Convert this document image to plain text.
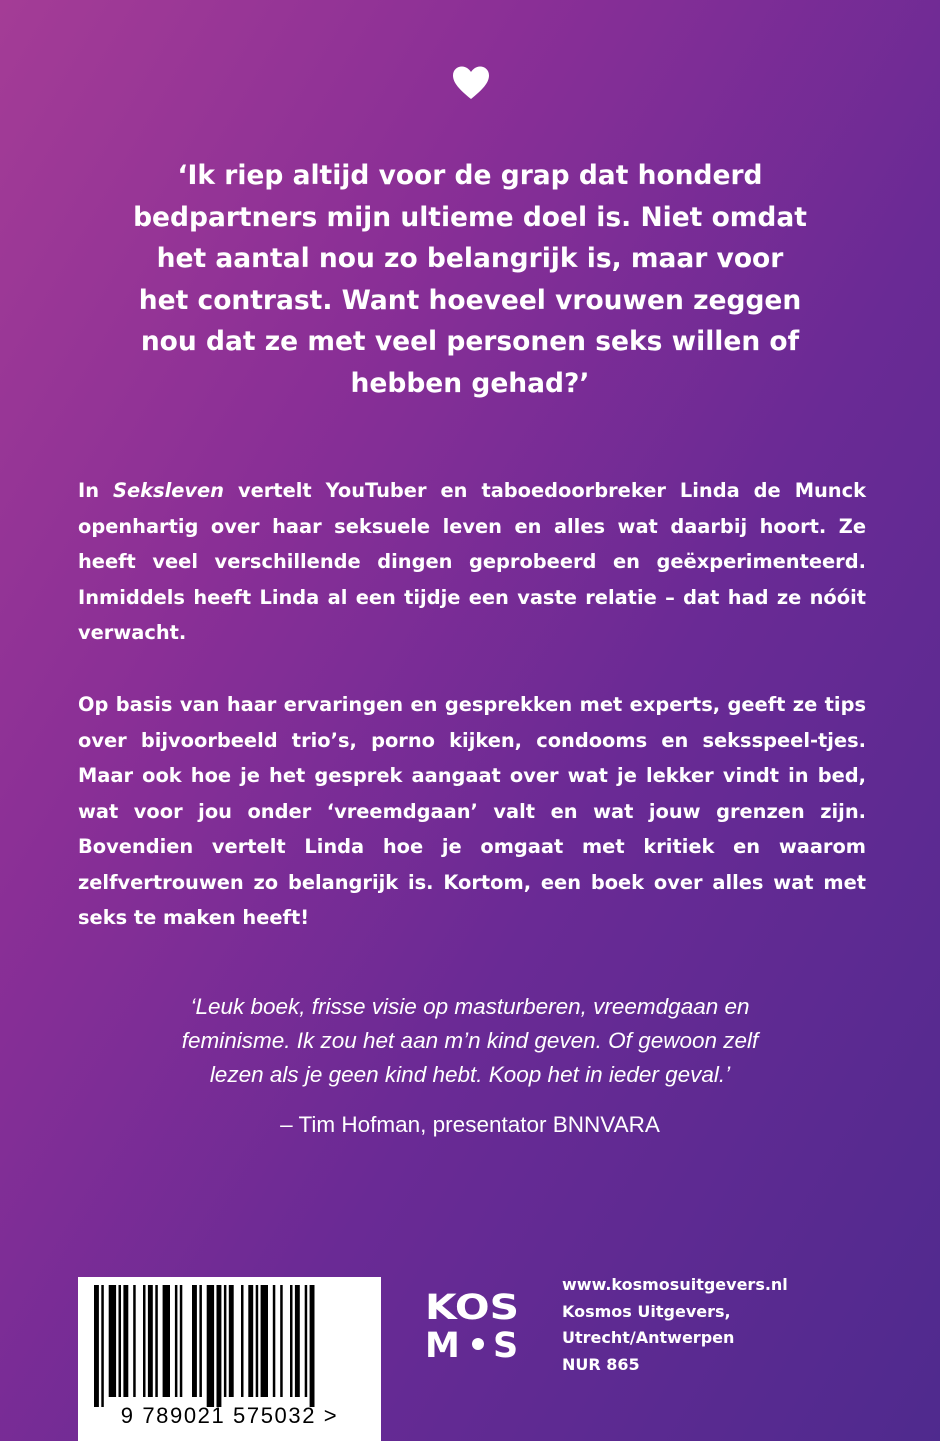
‘Ik riep altijd voor de grap dat honderd
bedpartners mijn ultieme doel is. Niet omdat
het aantal nou zo belangrijk is, maar voor
het contrast. Want hoeveel vrouwen zeggen
nou dat ze met veel personen seks willen of
hebben gehad?’

In Seksleven vertelt YouTuber en taboedoorbreker Linda de Munck openhartig over haar seksuele leven en alles wat daarbij hoort. Ze heeft veel verschillende dingen geprobeerd en geëxperimenteerd. Inmiddels heeft Linda al een tijdje een vaste relatie – dat had ze nóóit verwacht.

Op basis van haar ervaringen en gesprekken met experts, geeft ze tips over bijvoorbeeld trio’s, porno kijken, condooms en seksspeel-tjes. Maar ook hoe je het gesprek aangaat over wat je lekker vindt in bed, wat voor jou onder ‘vreemdgaan’ valt en wat jouw grenzen zijn. Bovendien vertelt Linda hoe je omgaat met kritiek en waarom zelfvertrouwen zo belangrijk is. Kortom, een boek over alles wat met seks te maken heeft!

‘Leuk boek, frisse visie op masturberen, vreemdgaan en
feminisme. Ik zou het aan m’n kind geven. Of gewoon zelf
lezen als je geen kind hebt. Koop het in ieder geval.’

– Tim Hofman, presentator BNNVARA

9 789021 575032 >
KOS
M S
www.kosmosuitgevers.nl
Kosmos Uitgevers,
Utrecht/Antwerpen
NUR 865
